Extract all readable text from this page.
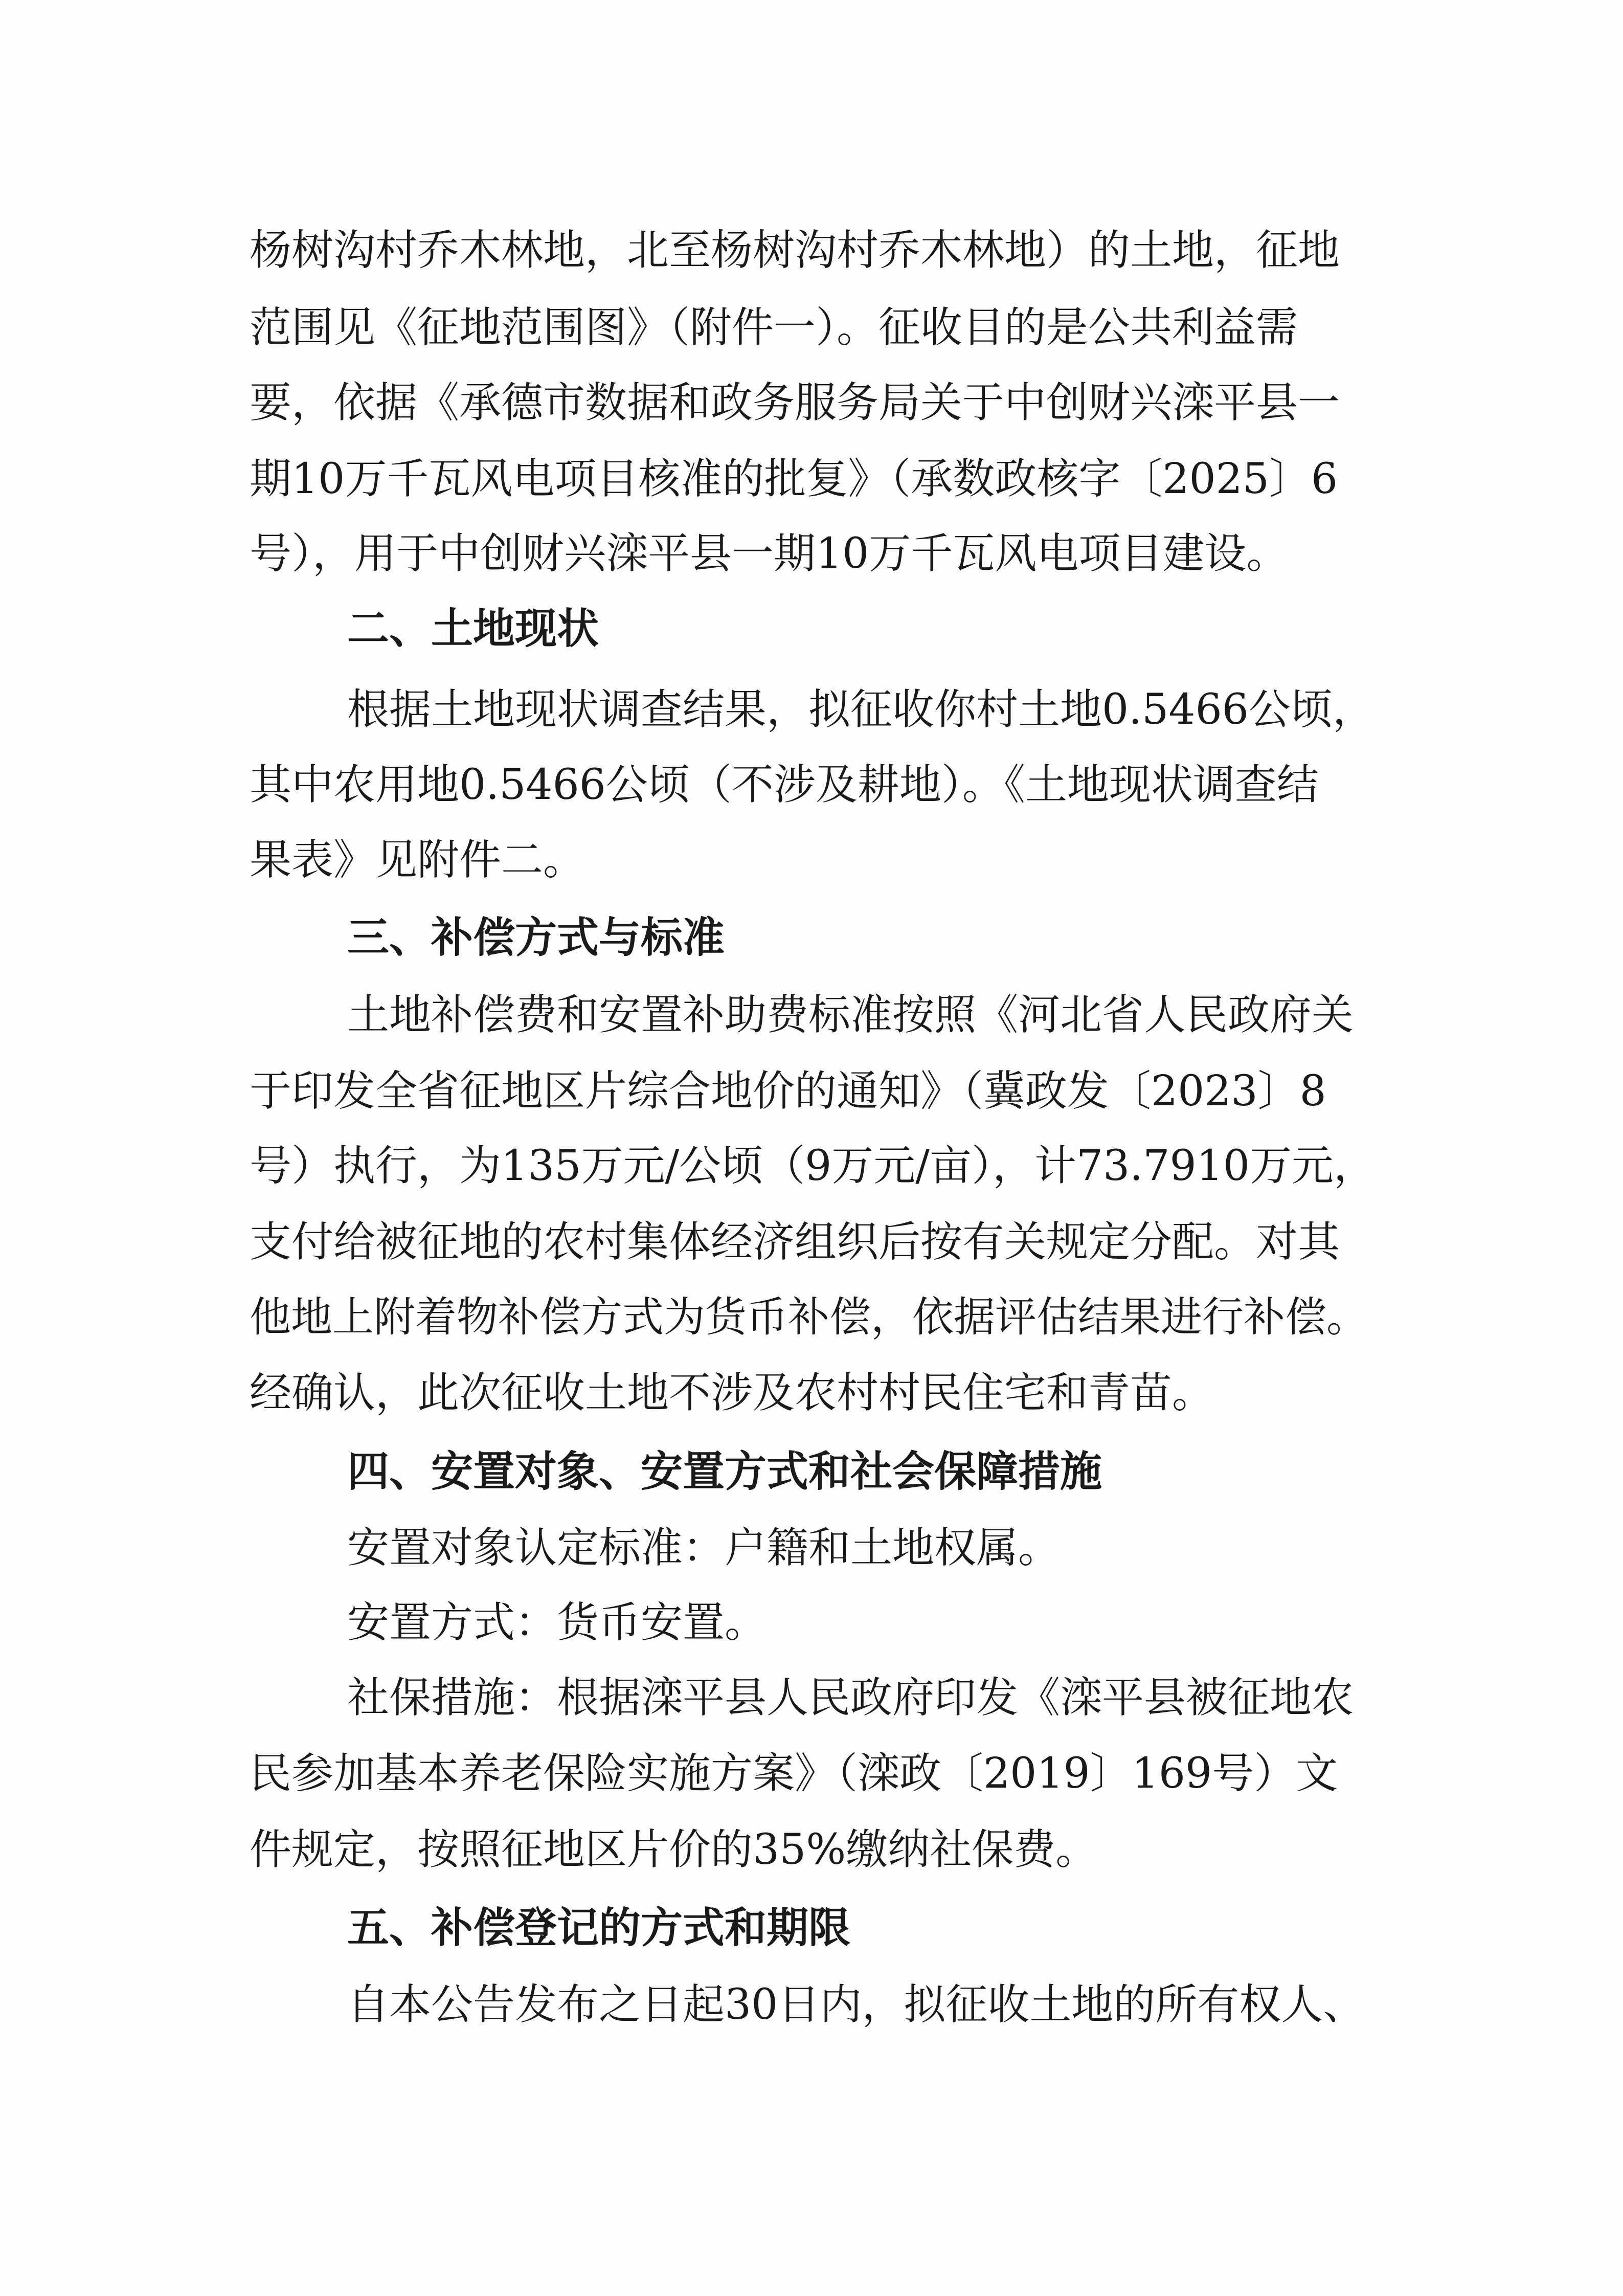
杨树沟村乔木林地，北至杨树沟村乔木林地）的土地，征地
范围见《征地范围图》（附件一）。征收目的是公共利益需
要，依据《承德市数据和政务服务局关于中创财兴滦平县一
期10万千瓦风电项目核准的批复》（承数政核字〔2025〕6
号），用于中创财兴滦平县一期10万千瓦风电项目建设。
二、土地现状
根据土地现状调查结果，拟征收你村土地0.5466公顷，
其中农用地0.5466公顷（不涉及耕地）。《土地现状调查结
果表》见附件二。
三、补偿方式与标准
土地补偿费和安置补助费标准按照《河北省人民政府关
于印发全省征地区片综合地价的通知》（冀政发〔2023〕8
号）执行，为135万元/公顷（9万元/亩），计73.7910万元，
支付给被征地的农村集体经济组织后按有关规定分配。对其
他地上附着物补偿方式为货币补偿，依据评估结果进行补偿。
经确认，此次征收土地不涉及农村村民住宅和青苗。
四、安置对象、安置方式和社会保障措施
安置对象认定标准：户籍和土地权属。
安置方式：货币安置。
社保措施：根据滦平县人民政府印发《滦平县被征地农
民参加基本养老保险实施方案》（滦政〔2019〕169号）文
件规定，按照征地区片价的35%缴纳社保费。
五、补偿登记的方式和期限
自本公告发布之日起30日内，拟征收土地的所有权人、
